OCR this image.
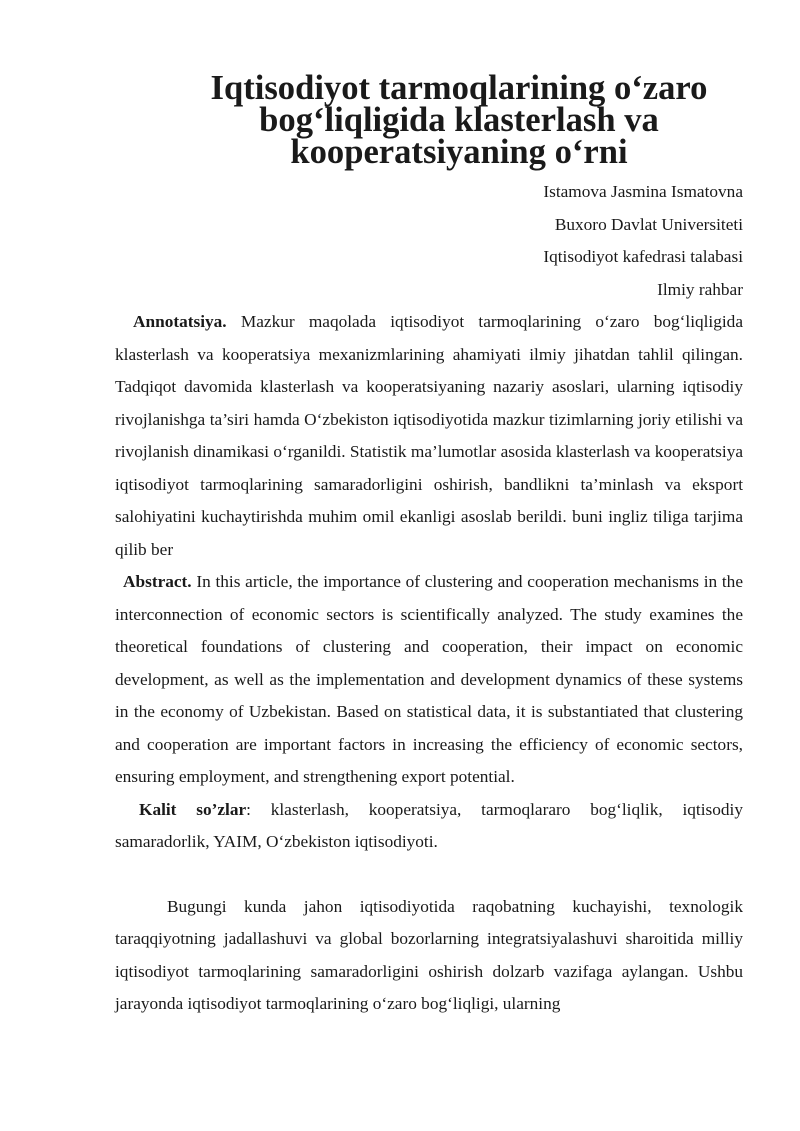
Iqtisodiyot tarmoqlarining o‘zaro bog‘liqligida klasterlash va
kooperatsiyaning o‘rni
Istamova Jasmina Ismatovna
Buxoro Davlat Universiteti
Iqtisodiyot kafedrasi talabasi
Ilmiy rahbar

Annotatsiya. Mazkur maqolada iqtisodiyot tarmoqlarining o‘zaro bog‘liqligida klasterlash va kooperatsiya mexanizmlarining ahamiyati ilmiy jihatdan tahlil qilingan. Tadqiqot davomida klasterlash va kooperatsiyaning nazariy asoslari, ularning iqtisodiy rivojlanishga ta’siri hamda O‘zbekiston iqtisodiyotida mazkur tizimlarning joriy etilishi va rivojlanish dinamikasi o‘rganildi. Statistik ma’lumotlar asosida klasterlash va kooperatsiya iqtisodiyot tarmoqlarining samaradorligini oshirish, bandlikni ta’minlash va eksport salohiyatini kuchaytirishda muhim omil ekanligi asoslab berildi. buni ingliz tiliga tarjima qilib ber

Abstract. In this article, the importance of clustering and cooperation mechanisms in the interconnection of economic sectors is scientifically analyzed. The study examines the theoretical foundations of clustering and cooperation, their impact on economic development, as well as the implementation and development dynamics of these systems in the economy of Uzbekistan. Based on statistical data, it is substantiated that clustering and cooperation are important factors in increasing the efficiency of economic sectors, ensuring employment, and strengthening export potential.

Kalit so’zlar: klasterlash, kooperatsiya, tarmoqlararo bog‘liqlik, iqtisodiy samaradorlik, YAIM, O‘zbekiston iqtisodiyoti.

Bugungi kunda jahon iqtisodiyotida raqobatning kuchayishi, texnologik taraqqiyotning jadallashuvi va global bozorlarning integratsiyalashuvi sharoitida milliy iqtisodiyot tarmoqlarining samaradorligini oshirish dolzarb vazifaga aylangan. Ushbu jarayonda iqtisodiyot tarmoqlarining o‘zaro bog‘liqligi, ularning
